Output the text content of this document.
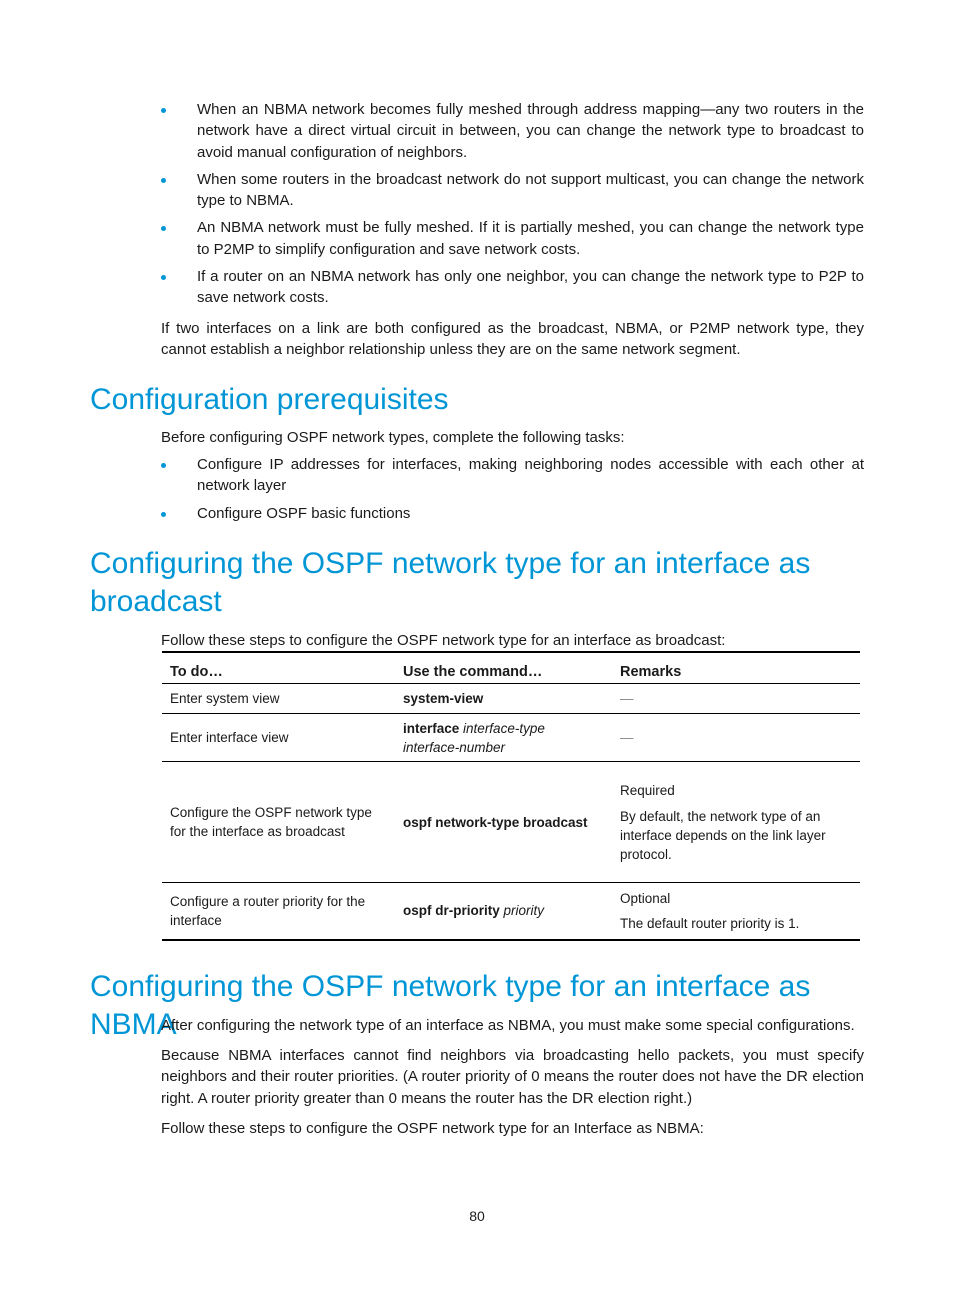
When an NBMA network becomes fully meshed through address mapping—any two routers in the network have a direct virtual circuit in between, you can change the network type to broadcast to avoid manual configuration of neighbors.
When some routers in the broadcast network do not support multicast, you can change the network type to NBMA.
An NBMA network must be fully meshed. If it is partially meshed, you can change the network type to P2MP to simplify configuration and save network costs.
If a router on an NBMA network has only one neighbor, you can change the network type to P2P to save network costs.

If two interfaces on a link are both configured as the broadcast, NBMA, or P2MP network type, they cannot establish a neighbor relationship unless they are on the same network segment.

Configuration prerequisites

Before configuring OSPF network types, complete the following tasks:

Configure IP addresses for interfaces, making neighboring nodes accessible with each other at network layer
Configure OSPF basic functions
Configuring the OSPF network type for an interface as broadcast

Follow these steps to configure the OSPF network type for an interface as broadcast:

To do…	Use the command…	Remarks
Enter system view	system-view	—
Enter interface view	interface interface-type interface-number	—
Configure the OSPF network type for the interface as broadcast	ospf network-type broadcast	Required
By default, the network type of an interface depends on the link layer protocol.

Configure a router priority for the interface	ospf dr-priority priority	Optional
The default router priority is 1.
Configuring the OSPF network type for an interface as NBMA

After configuring the network type of an interface as NBMA, you must make some special configurations.

Because NBMA interfaces cannot find neighbors via broadcasting hello packets, you must specify neighbors and their router priorities. (A router priority of 0 means the router does not have the DR election right. A router priority greater than 0 means the router has the DR election right.)

Follow these steps to configure the OSPF network type for an Interface as NBMA:

80
